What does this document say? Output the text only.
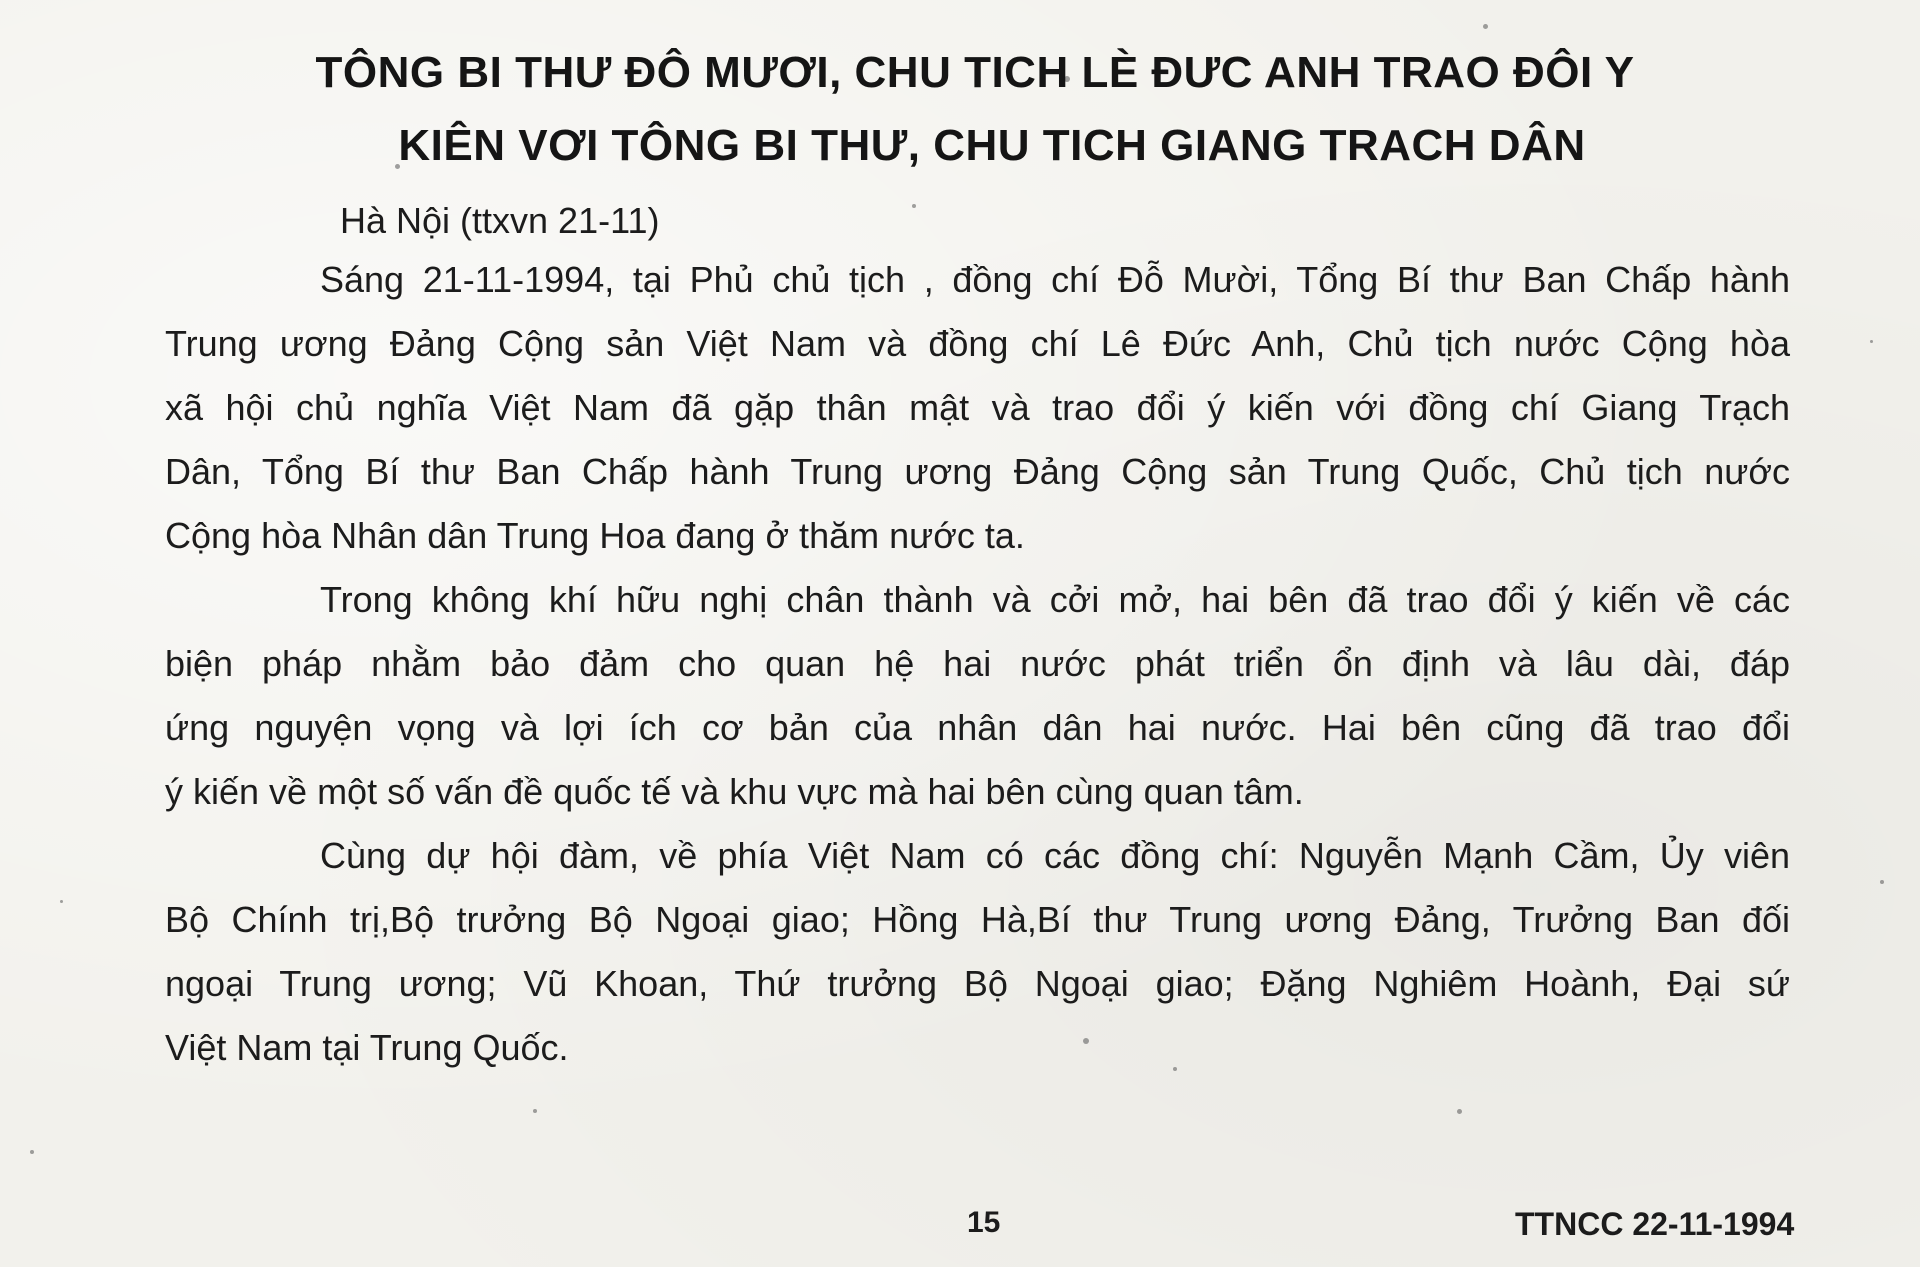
TÔNG BI THƯ ĐÔ MƯƠI, CHU TICH LÈ ĐƯC ANH TRAO ĐÔI Y
KIÊN VƠI TÔNG BI THƯ, CHU TICH GIANG TRACH DÂN
Hà Nội (ttxvn 21-11)
Sáng 21-11-1994, tại Phủ chủ tịch , đồng chí Đỗ Mười, Tổng Bí thư Ban Chấp hành
Trung ương Đảng Cộng sản Việt Nam và đồng chí Lê Đức Anh, Chủ tịch nước Cộng hòa
xã hội chủ nghĩa Việt Nam đã gặp thân mật và trao đổi ý kiến với đồng chí Giang Trạch
Dân, Tổng Bí thư Ban Chấp hành Trung ương Đảng Cộng sản Trung Quốc, Chủ tịch nước
Cộng hòa Nhân dân Trung Hoa đang ở thăm nước ta.
Trong không khí hữu nghị chân thành và cởi mở, hai bên đã trao đổi ý kiến về các
biện pháp nhằm bảo đảm cho quan hệ hai nước phát triển ổn định và lâu dài, đáp
ứng nguyện vọng và lợi ích cơ bản của nhân dân hai nước. Hai bên cũng đã trao đổi
ý kiến về một số vấn đề quốc tế và khu vực mà hai bên cùng quan tâm.
Cùng dự hội đàm, về phía Việt Nam có các đồng chí: Nguyễn Mạnh Cầm, Ủy viên
Bộ Chính trị,Bộ trưởng Bộ Ngoại giao; Hồng Hà,Bí thư Trung ương Đảng, Trưởng Ban đối
ngoại Trung ương; Vũ Khoan, Thứ trưởng Bộ Ngoại giao; Đặng Nghiêm Hoành, Đại sứ
Việt Nam tại Trung Quốc.
15	TTNCC 22-11-1994
